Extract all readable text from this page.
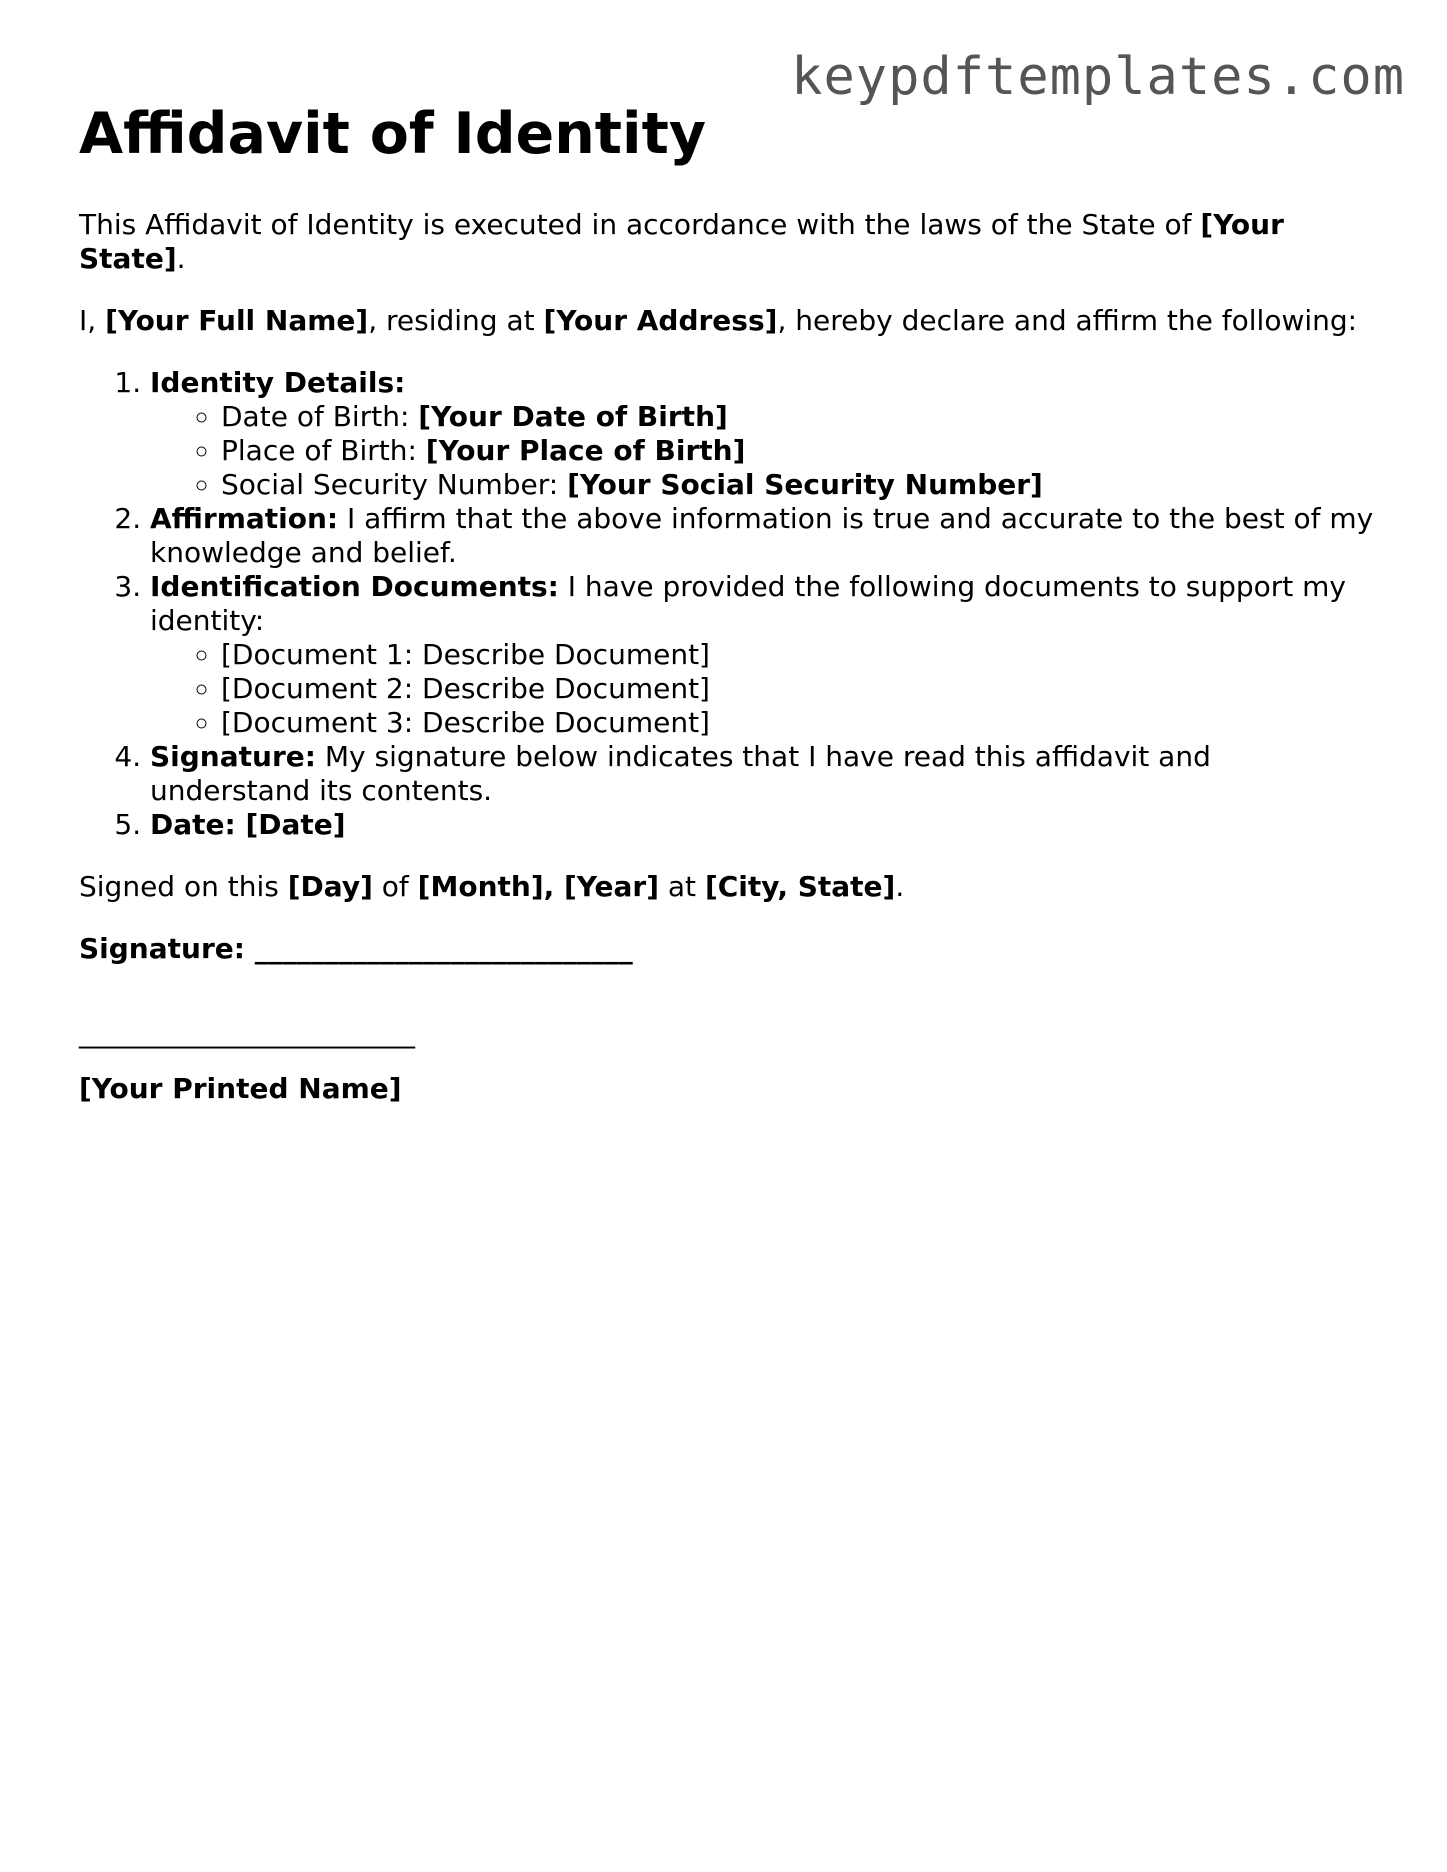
keypdftemplates.com
Affidavit of Identity

This Affidavit of Identity is executed in accordance with the laws of the State of [Your State].

I, [Your Full Name], residing at [Your Address], hereby declare and affirm the following:

1. Identity Details:
◦ Date of Birth: [Your Date of Birth]
◦ Place of Birth: [Your Place of Birth]
◦ Social Security Number: [Your Social Security Number]
2. Affirmation: I affirm that the above information is true and accurate to the best of my knowledge and belief.
3. Identification Documents: I have provided the following documents to support my identity:
◦ [Document 1: Describe Document]
◦ [Document 2: Describe Document]
◦ [Document 3: Describe Document]
4. Signature: My signature below indicates that I have read this affidavit and understand its contents.
5. Date: [Date]

Signed on this [Day] of [Month], [Year] at [City, State].

Signature: ___________________________

________________________

[Your Printed Name]
